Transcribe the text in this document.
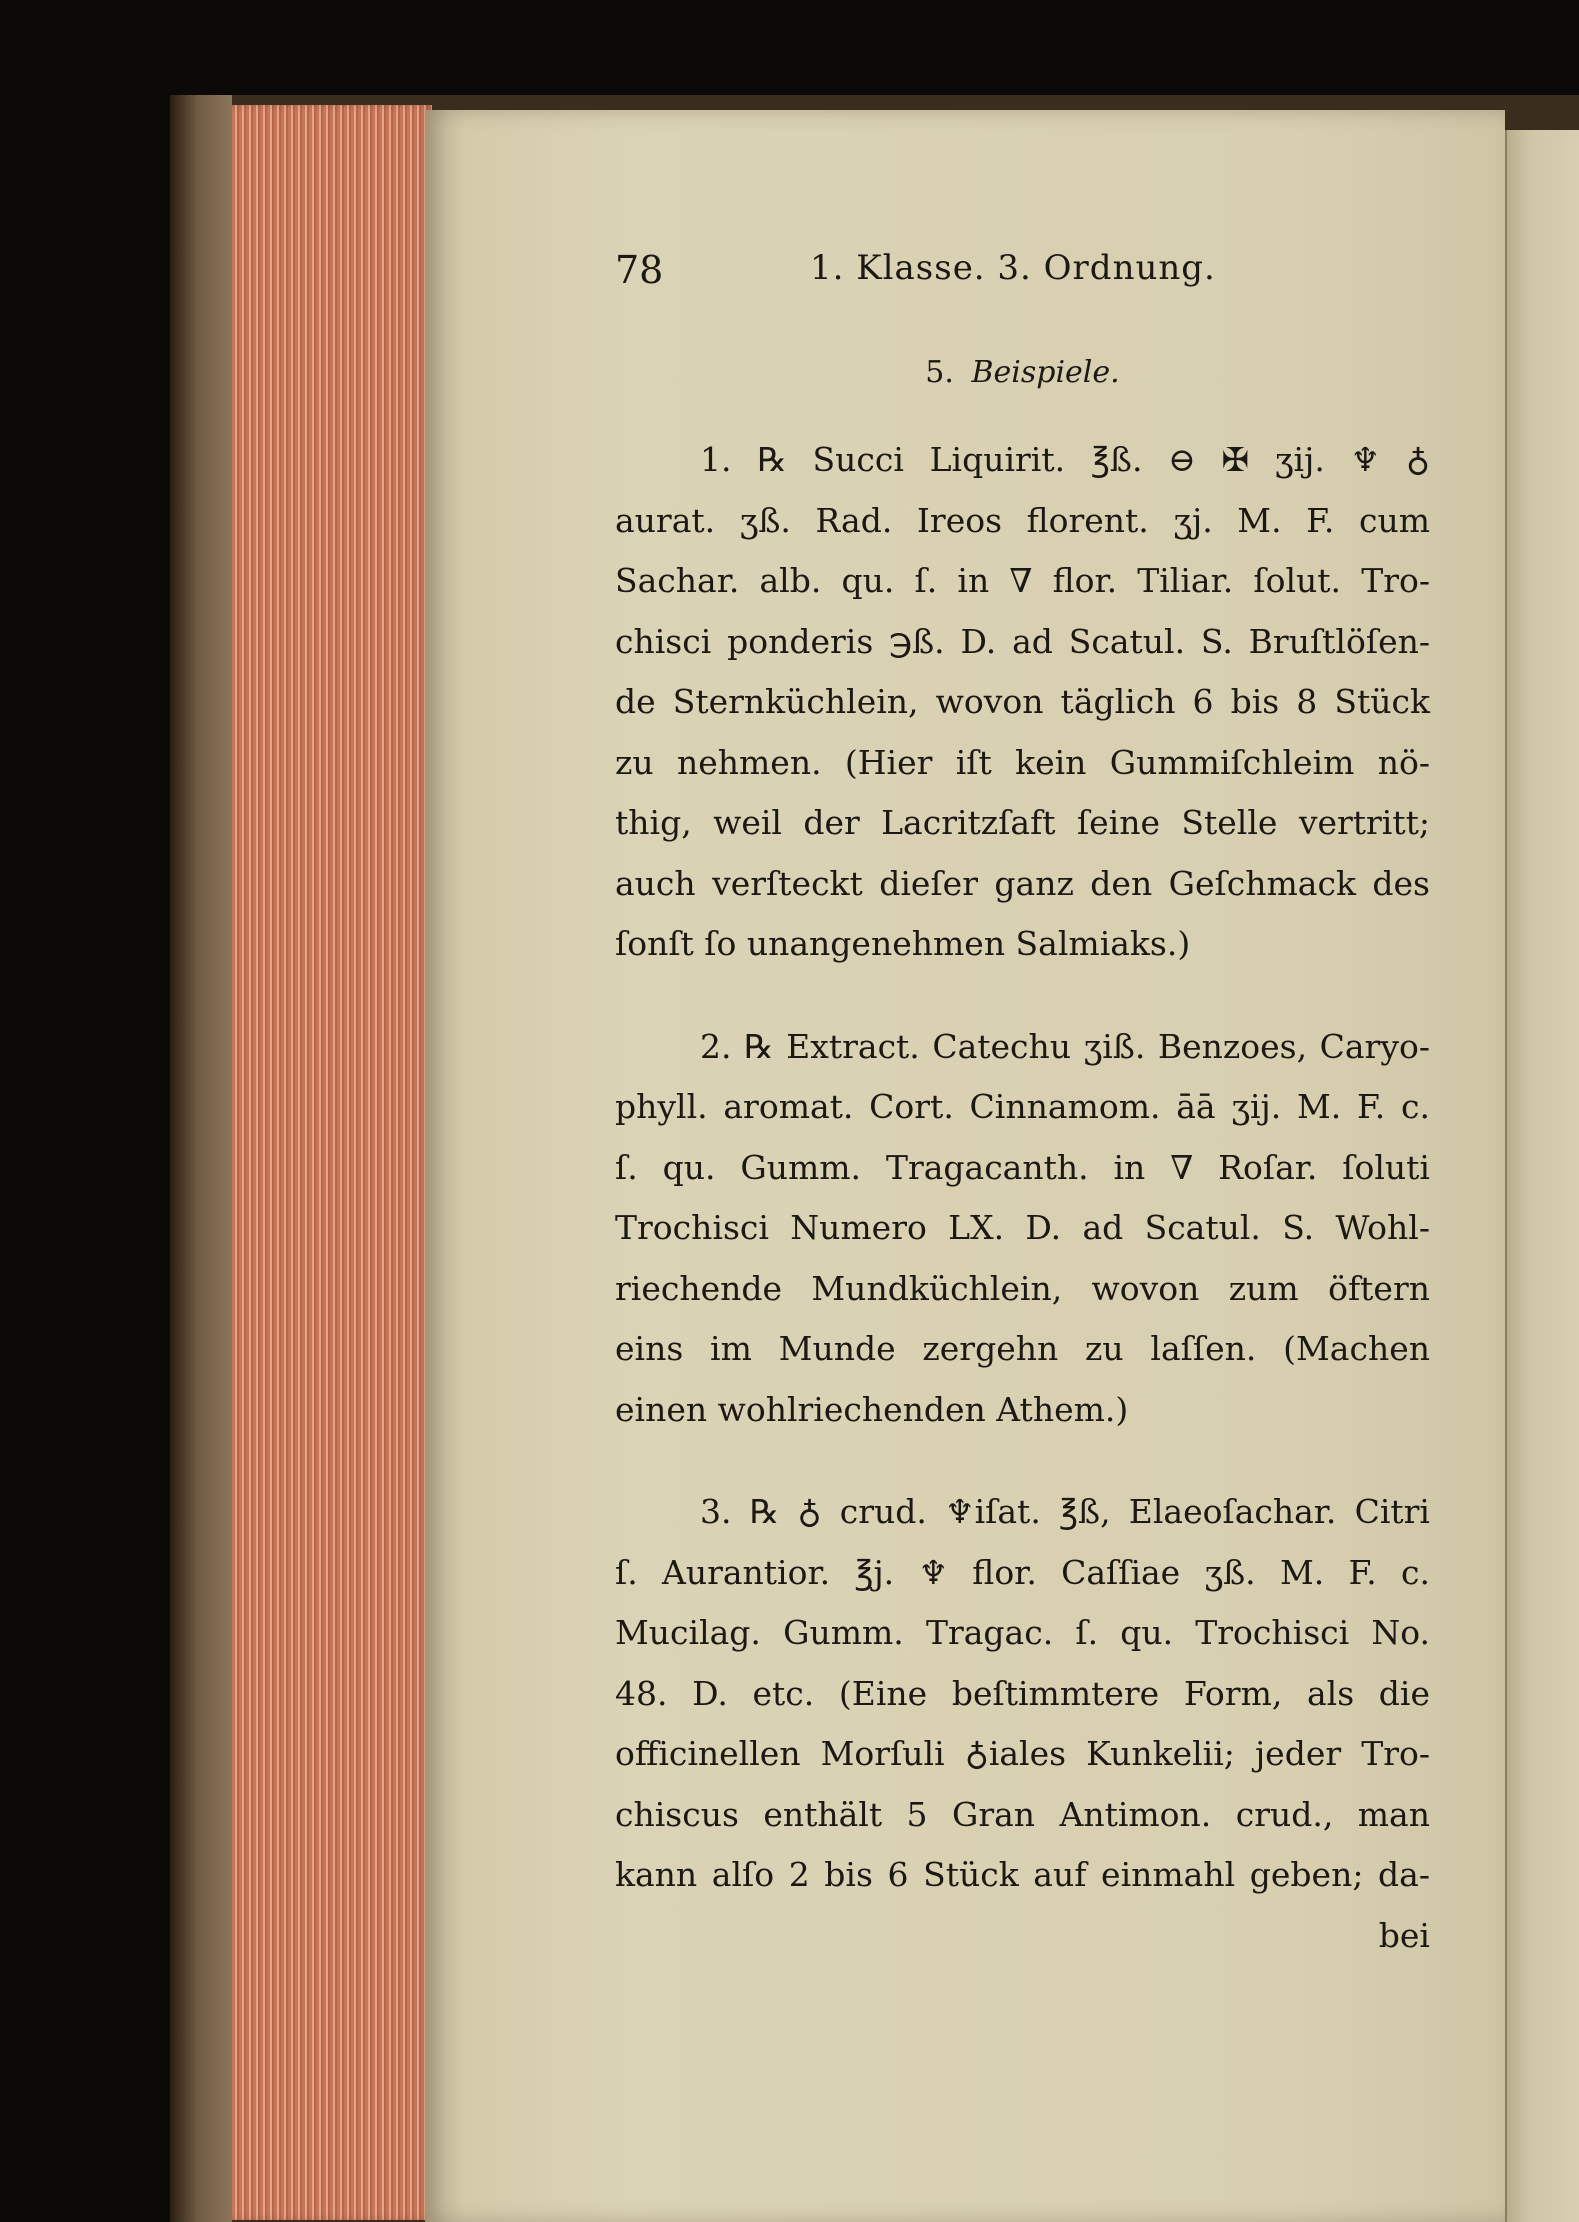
78	1. Klasse. 3. Ordnung.
5. Beispiele.
1. ℞ Succi Liquirit. ℥ß. ⊖ ✠ ʒij. ♆ ♁
aurat. ʒß. Rad. Ireos florent. ʒj. M. F. cum
Sachar. alb. qu. ſ. in ∇ flor. Tiliar. ſolut. Tro-
chisci ponderis ℈ß. D. ad Scatul. S. Bruſtlöſen-
de Sternküchlein, wovon täglich 6 bis 8 Stück
zu nehmen. (Hier iſt kein Gummiſchleim nö-
thig, weil der Lacritzſaft ſeine Stelle vertritt;
auch verſteckt dieſer ganz den Geſchmack des
ſonſt ſo unangenehmen Salmiaks.)
2. ℞ Extract. Catechu ʒiß. Benzoes, Caryo-
phyll. aromat. Cort. Cinnamom. āā ʒij. M. F. c.
ſ. qu. Gumm. Tragacanth. in ∇ Roſar. ſoluti
Trochisci Numero LX. D. ad Scatul. S. Wohl-
riechende Mundküchlein, wovon zum öftern
eins im Munde zergehn zu laſſen. (Machen
einen wohlriechenden Athem.)
3. ℞ ♁ crud. ♆iſat. ℥ß, Elaeoſachar. Citri
ſ. Aurantior. ℥j. ♆ flor. Caſſiae ʒß. M. F. c.
Mucilag. Gumm. Tragac. ſ. qu. Trochisci No.
48. D. etc. (Eine beſtimmtere Form, als die
officinellen Morſuli ♁iales Kunkelii; jeder Tro-
chiscus enthält 5 Gran Antimon. crud., man
kann alſo 2 bis 6 Stück auf einmahl geben; da-
bei
